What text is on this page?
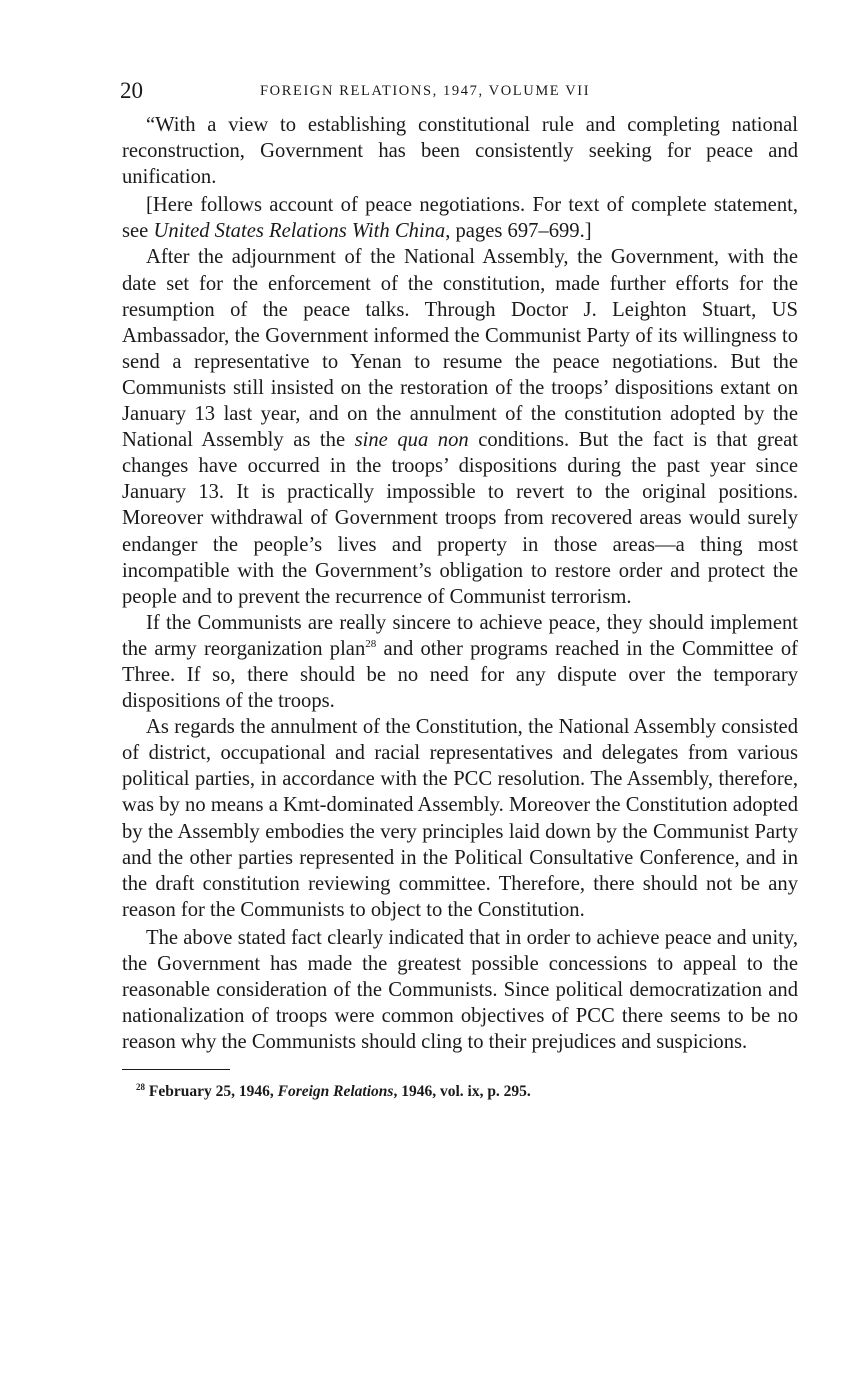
20	FOREIGN RELATIONS, 1947, VOLUME VII

“With a view to establishing constitutional rule and completing national reconstruction, Government has been consistently seeking for peace and unification.

[Here follows account of peace negotiations. For text of complete statement, see United States Relations With China, pages 697–699.]

After the adjournment of the National Assembly, the Government, with the date set for the enforcement of the constitution, made further efforts for the resumption of the peace talks. Through Doctor J. Leighton Stuart, US Ambassador, the Government informed the Communist Party of its willingness to send a representative to Yenan to resume the peace negotiations. But the Communists still insisted on the restoration of the troops’ dispositions extant on January 13 last year, and on the annulment of the constitution adopted by the National Assembly as the sine qua non conditions. But the fact is that great changes have occurred in the troops’ dispositions during the past year since January 13. It is practically impossible to revert to the original positions. Moreover withdrawal of Government troops from recovered areas would surely endanger the people’s lives and property in those areas—a thing most incompatible with the Government’s obligation to restore order and protect the people and to prevent the recurrence of Communist terrorism.

If the Communists are really sincere to achieve peace, they should implement the army reorganization plan$^{28}$ and other programs reached in the Committee of Three. If so, there should be no need for any dispute over the temporary dispositions of the troops.

As regards the annulment of the Constitution, the National Assembly consisted of district, occupational and racial representatives and delegates from various political parties, in accordance with the PCC resolution. The Assembly, therefore, was by no means a Kmt-dominated Assembly. Moreover the Constitution adopted by the Assembly embodies the very principles laid down by the Communist Party and the other parties represented in the Political Consultative Conference, and in the draft constitution reviewing committee. Therefore, there should not be any reason for the Communists to object to the Constitution.

The above stated fact clearly indicated that in order to achieve peace and unity, the Government has made the greatest possible concessions to appeal to the reasonable consideration of the Communists. Since political democratization and nationalization of troops were common objectives of PCC there seems to be no reason why the Communists should cling to their prejudices and suspicions.

$^{28}$ February 25, 1946, Foreign Relations, 1946, vol. ix, p. 295.
